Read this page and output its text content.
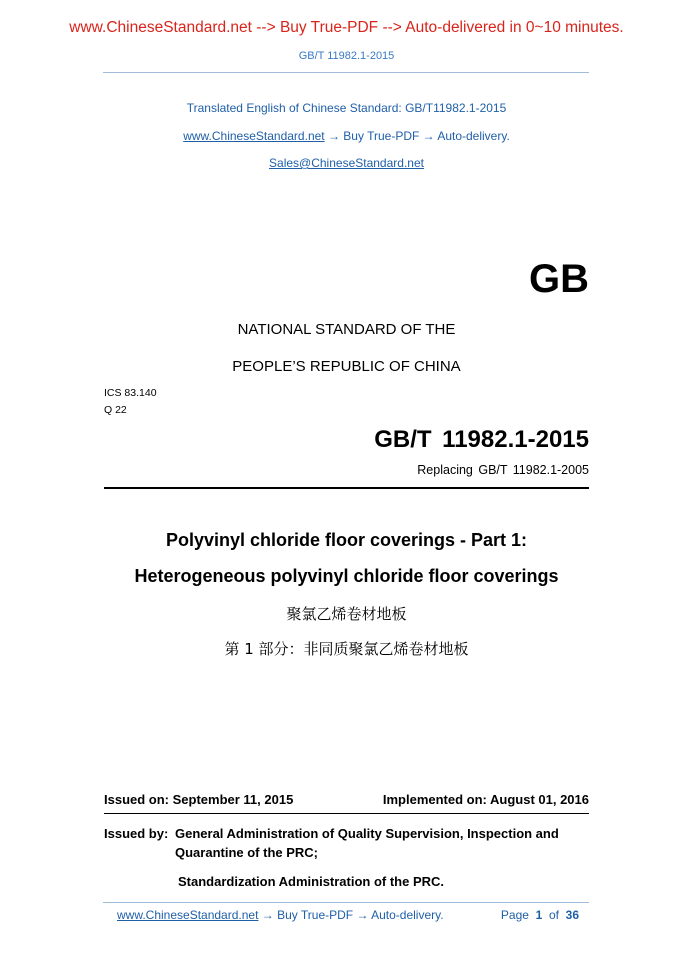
www.ChineseStandard.net --> Buy True-PDF --> Auto-delivered in 0~10 minutes.
GB/T 11982.1-2015
Translated English of Chinese Standard: GB/T11982.1-2015
www.ChineseStandard.net → Buy True-PDF → Auto-delivery.
Sales@ChineseStandard.net
GB
NATIONAL STANDARD OF THE
PEOPLE’S REPUBLIC OF CHINA
ICS 83.140
Q 22
GB/T 11982.1-2015
Replacing GB/T 11982.1-2005
Polyvinyl chloride floor coverings - Part 1:
Heterogeneous polyvinyl chloride floor coverings
聚氯乙烯卷材地板
第 1 部分：非同质聚氯乙烯卷材地板
Issued on: September 11, 2015	Implemented on: August 01, 2016
Issued by: General Administration of Quality Supervision, Inspection and
Quarantine of the PRC;
Standardization Administration of the PRC.
www.ChineseStandard.net → Buy True-PDF → Auto-delivery.	Page 1 of 36
